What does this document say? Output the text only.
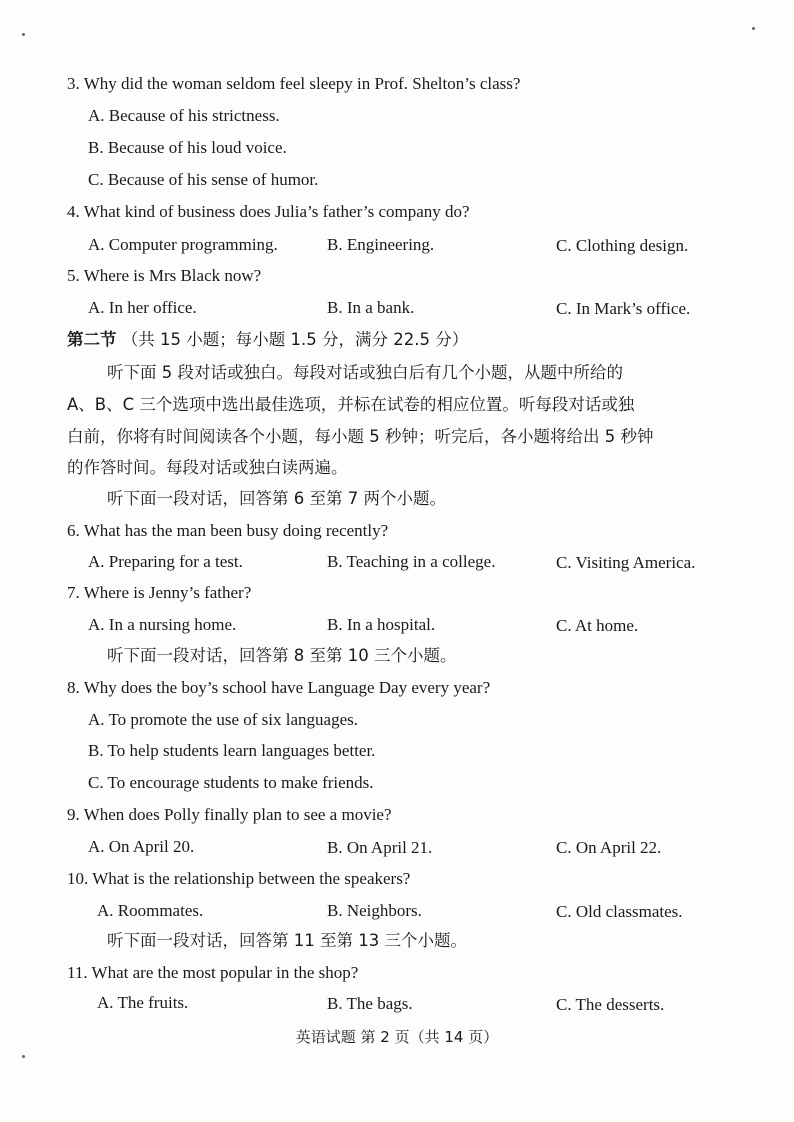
3. Why did the woman seldom feel sleepy in Prof. Shelton’s class?
A. Because of his strictness.
B. Because of his loud voice.
C. Because of his sense of humor.
4. What kind of business does Julia’s father’s company do?
A. Computer programming.	B. Engineering.	C. Clothing design.
5. Where is Mrs Black now?
A. In her office.	B. In a bank.	C. In Mark’s office.
第二节 （共 15 小题；每小题 1.5 分，满分 22.5 分）
听下面 5 段对话或独白。每段对话或独白后有几个小题，从题中所给的
A、B、C 三个选项中选出最佳选项，并标在试卷的相应位置。听每段对话或独
白前，你将有时间阅读各个小题，每小题 5 秒钟；听完后，各小题将给出 5 秒钟
的作答时间。每段对话或独白读两遍。
听下面一段对话，回答第 6 至第 7 两个小题。
6. What has the man been busy doing recently?
A. Preparing for a test.	B. Teaching in a college.	C. Visiting America.
7. Where is Jenny’s father?
A. In a nursing home.	B. In a hospital.	C. At home.
听下面一段对话，回答第 8 至第 10 三个小题。
8. Why does the boy’s school have Language Day every year?
A. To promote the use of six languages.
B. To help students learn languages better.
C. To encourage students to make friends.
9. When does Polly finally plan to see a movie?
A. On April 20.	B. On April 21.	C. On April 22.
10. What is the relationship between the speakers?
A. Roommates.	B. Neighbors.	C. Old classmates.
听下面一段对话，回答第 11 至第 13 三个小题。
11. What are the most popular in the shop?
A. The fruits.	B. The bags.	C. The desserts.
英语试题 第 2 页（共 14 页）
